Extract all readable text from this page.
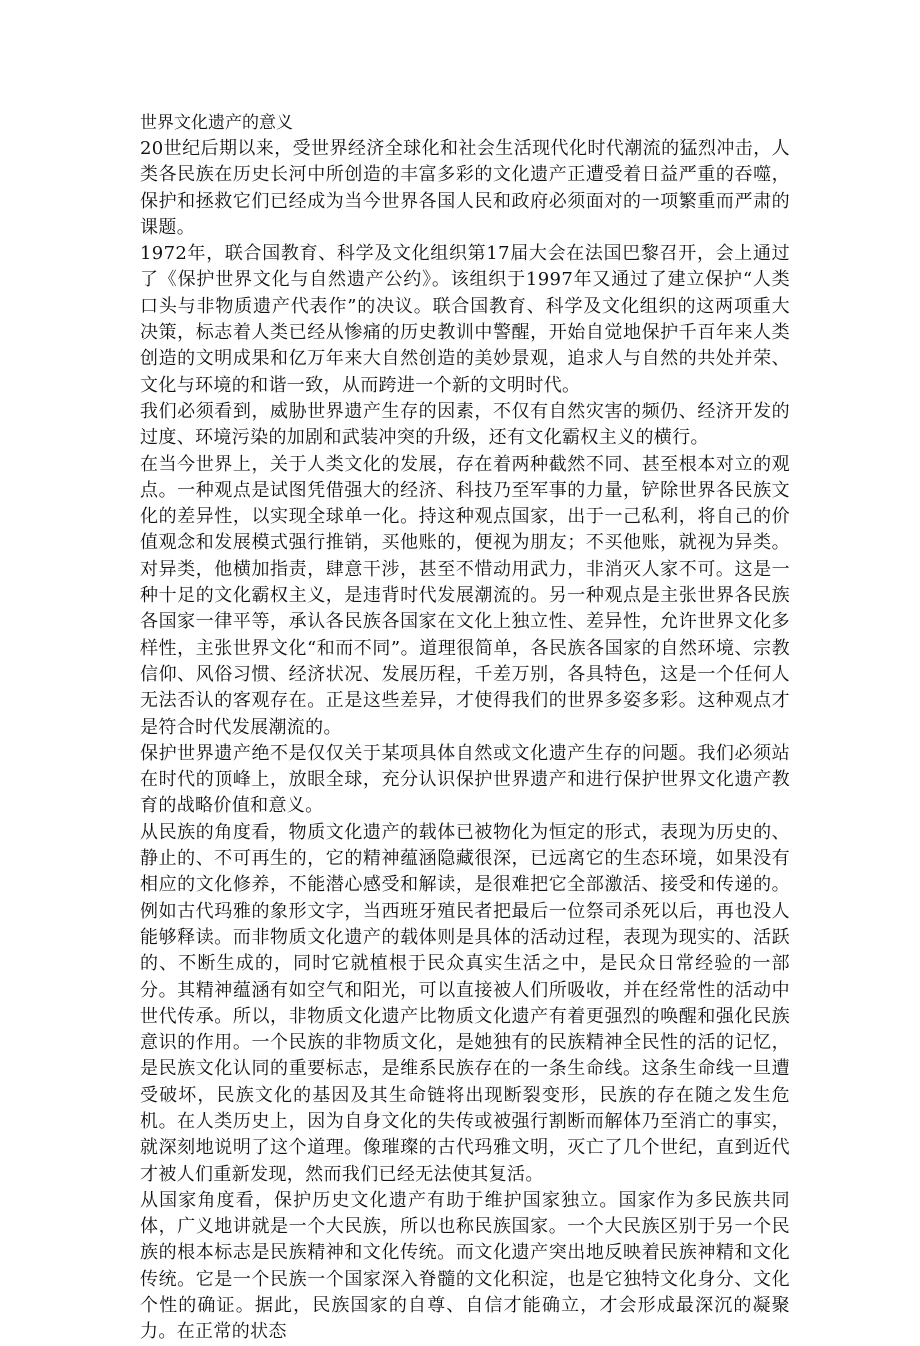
世界文化遗产的意义

20世纪后期以来，受世界经济全球化和社会生活现代化时代潮流的猛烈冲击，人类各民族在历史长河中所创造的丰富多彩的文化遗产正遭受着日益严重的吞噬，保护和拯救它们已经成为当今世界各国人民和政府必须面对的一项繁重而严肃的课题。

1972年，联合国教育、科学及文化组织第17届大会在法国巴黎召开，会上通过了《保护世界文化与自然遗产公约》。该组织于1997年又通过了建立保护“人类口头与非物质遗产代表作”的决议。联合国教育、科学及文化组织的这两项重大决策，标志着人类已经从惨痛的历史教训中警醒，开始自觉地保护千百年来人类创造的文明成果和亿万年来大自然创造的美妙景观，追求人与自然的共处并荣、文化与环境的和谐一致，从而跨进一个新的文明时代。

我们必须看到，威胁世界遗产生存的因素，不仅有自然灾害的频仍、经济开发的过度、环境污染的加剧和武装冲突的升级，还有文化霸权主义的横行。

在当今世界上，关于人类文化的发展，存在着两种截然不同、甚至根本对立的观点。一种观点是试图凭借强大的经济、科技乃至军事的力量，铲除世界各民族文化的差异性，以实现全球单一化。持这种观点国家，出于一己私利，将自己的价值观念和发展模式强行推销，买他账的，便视为朋友；不买他账，就视为异类。对异类，他横加指责，肆意干涉，甚至不惜动用武力，非消灭人家不可。这是一种十足的文化霸权主义，是违背时代发展潮流的。另一种观点是主张世界各民族各国家一律平等，承认各民族各国家在文化上独立性、差异性，允许世界文化多样性，主张世界文化“和而不同”。道理很简单，各民族各国家的自然环境、宗教信仰、风俗习惯、经济状况、发展历程，千差万别，各具特色，这是一个任何人无法否认的客观存在。正是这些差异，才使得我们的世界多姿多彩。这种观点才是符合时代发展潮流的。

保护世界遗产绝不是仅仅关于某项具体自然或文化遗产生存的问题。我们必须站在时代的顶峰上，放眼全球，充分认识保护世界遗产和进行保护世界文化遗产教育的战略价值和意义。

从民族的角度看，物质文化遗产的载体已被物化为恒定的形式，表现为历史的、静止的、不可再生的，它的精神蕴涵隐藏很深，已远离它的生态环境，如果没有相应的文化修养，不能潜心感受和解读，是很难把它全部激活、接受和传递的。例如古代玛雅的象形文字，当西班牙殖民者把最后一位祭司杀死以后，再也没人能够释读。而非物质文化遗产的载体则是具体的活动过程，表现为现实的、活跃的、不断生成的，同时它就植根于民众真实生活之中，是民众日常经验的一部分。其精神蕴涵有如空气和阳光，可以直接被人们所吸收，并在经常性的活动中世代传承。所以，非物质文化遗产比物质文化遗产有着更强烈的唤醒和强化民族意识的作用。一个民族的非物质文化，是她独有的民族精神全民性的活的记忆，是民族文化认同的重要标志，是维系民族存在的一条生命线。这条生命线一旦遭受破坏，民族文化的基因及其生命链将出现断裂变形，民族的存在随之发生危机。在人类历史上，因为自身文化的失传或被强行割断而解体乃至消亡的事实，就深刻地说明了这个道理。像璀璨的古代玛雅文明，灭亡了几个世纪，直到近代才被人们重新发现，然而我们已经无法使其复活。

从国家角度看，保护历史文化遗产有助于维护国家独立。国家作为多民族共同体，广义地讲就是一个大民族，所以也称民族国家。一个大民族区别于另一个民族的根本标志是民族精神和文化传统。而文化遗产突出地反映着民族神精和文化传统。它是一个民族一个国家深入脊髓的文化积淀，也是它独特文化身分、文化个性的确证。据此，民族国家的自尊、自信才能确立，才会形成最深沉的凝聚力。在正常的状态
